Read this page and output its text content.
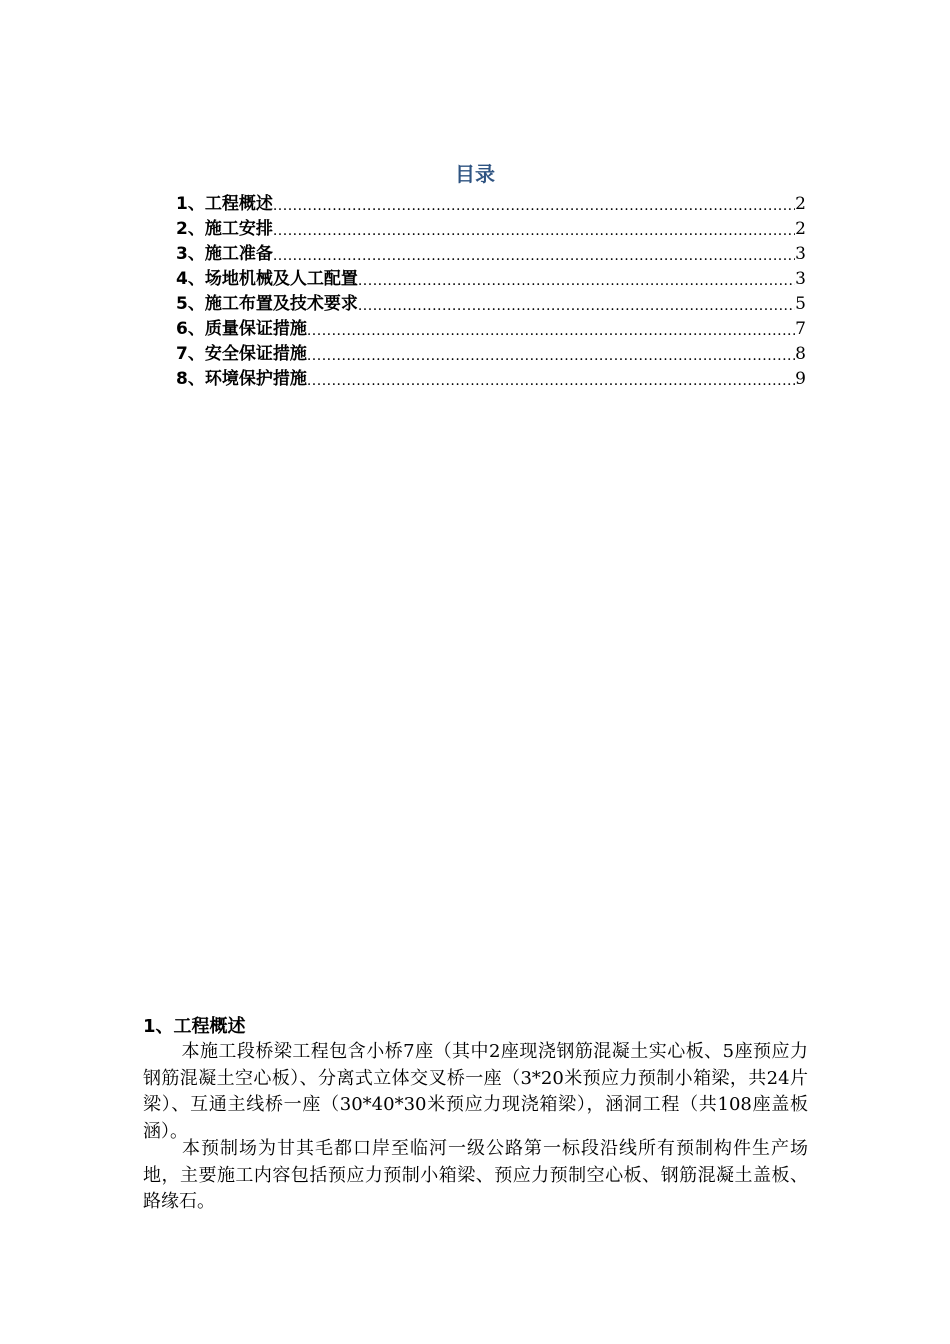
目录
1、工程概述 .....	2
2、施工安排 .....	2
3、施工准备 .....	3
4、场地机械及人工配置 .....	3
5、施工布置及技术要求 .....	5
6、质量保证措施 .....	7
7、安全保证措施 .....	8
8、环境保护措施 .....	9
1、工程概述
本施工段桥梁工程包含小桥7座（其中2座现浇钢筋混凝土实心板、5座预应力钢筋混凝土空心板）、分离式立体交叉桥一座（3*20米预应力预制小箱梁，共24片梁）、互通主线桥一座（30*40*30米预应力现浇箱梁），涵洞工程（共108座盖板涵）。
本预制场为甘其毛都口岸至临河一级公路第一标段沿线所有预制构件生产场地，主要施工内容包括预应力预制小箱梁、预应力预制空心板、钢筋混凝土盖板、路缘石。
